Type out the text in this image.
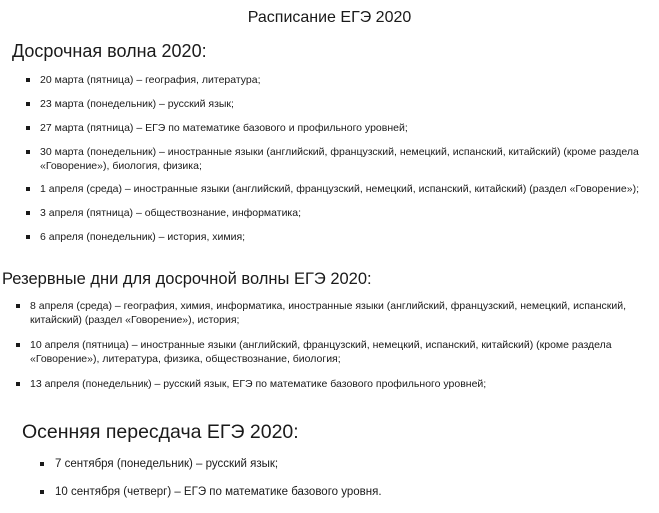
Расписание ЕГЭ 2020
Досрочная волна 2020:
20 марта (пятница) – география, литература;
23 марта (понедельник) – русский язык;
27 марта (пятница) – ЕГЭ по математике базового и профильного уровней;
30 марта (понедельник) – иностранные языки (английский, французский, немецкий, испанский, китайский) (кроме раздела «Говорение»), биология, физика;
1 апреля (среда) – иностранные языки (английский, французский, немецкий, испанский, китайский) (раздел «Говорение»);
3 апреля (пятница) – обществознание, информатика;
6 апреля (понедельник) – история, химия;
Резервные дни для досрочной волны ЕГЭ 2020:
8 апреля (среда) – география, химия, информатика, иностранные языки (английский, французский, немецкий, испанский, китайский) (раздел «Говорение»), история;
10 апреля (пятница) – иностранные языки (английский, французский, немецкий, испанский, китайский) (кроме раздела «Говорение»), литература, физика, обществознание, биология;
13 апреля (понедельник) – русский язык, ЕГЭ по математике базового профильного уровней;
Осенняя пересдача ЕГЭ 2020:
7 сентября (понедельник) – русский язык;
10 сентября (четверг) – ЕГЭ по математике базового уровня.
